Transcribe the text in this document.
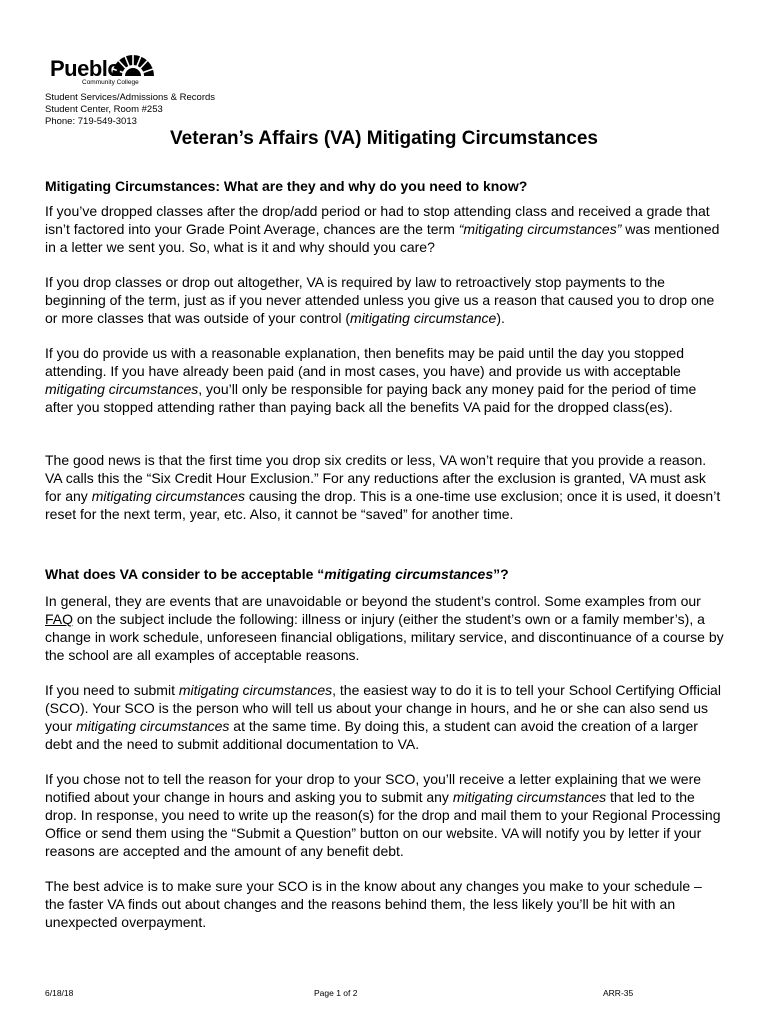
Pueblo
Community College
Student Services/Admissions & Records
Student Center, Room #253
Phone: 719-549-3013
Veteran’s Affairs (VA) Mitigating Circumstances
Mitigating Circumstances: What are they and why do you need to know?

If you’ve dropped classes after the drop/add period or had to stop attending class and received a grade that isn’t factored into your Grade Point Average, chances are the term “mitigating circumstances” was mentioned in a letter we sent you. So, what is it and why should you care?

If you drop classes or drop out altogether, VA is required by law to retroactively stop payments to the beginning of the term, just as if you never attended unless you give us a reason that caused you to drop one or more classes that was outside of your control (mitigating circumstance).

If you do provide us with a reasonable explanation, then benefits may be paid until the day you stopped attending. If you have already been paid (and in most cases, you have) and provide us with acceptable mitigating circumstances, you’ll only be responsible for paying back any money paid for the period of time after you stopped attending rather than paying back all the benefits VA paid for the dropped class(es).

The good news is that the first time you drop six credits or less, VA won’t require that you provide a reason. VA calls this the “Six Credit Hour Exclusion.” For any reductions after the exclusion is granted, VA must ask for any mitigating circumstances causing the drop. This is a one-time use exclusion; once it is used, it doesn’t reset for the next term, year, etc. Also, it cannot be “saved” for another time.

What does VA consider to be acceptable “mitigating circumstances”?

In general, they are events that are unavoidable or beyond the student’s control. Some examples from our FAQ on the subject include the following: illness or injury (either the student’s own or a family member’s), a change in work schedule, unforeseen financial obligations, military service, and discontinuance of a course by the school are all examples of acceptable reasons.

If you need to submit mitigating circumstances, the easiest way to do it is to tell your School Certifying Official (SCO). Your SCO is the person who will tell us about your change in hours, and he or she can also send us your mitigating circumstances at the same time. By doing this, a student can avoid the creation of a larger debt and the need to submit additional documentation to VA.

If you chose not to tell the reason for your drop to your SCO, you’ll receive a letter explaining that we were notified about your change in hours and asking you to submit any mitigating circumstances that led to the drop. In response, you need to write up the reason(s) for the drop and mail them to your Regional Processing Office or send them using the “Submit a Question” button on our website. VA will notify you by letter if your reasons are accepted and the amount of any benefit debt.

The best advice is to make sure your SCO is in the know about any changes you make to your schedule – the faster VA finds out about changes and the reasons behind them, the less likely you’ll be hit with an unexpected overpayment.

6/18/18	Page 1 of 2	ARR-35
